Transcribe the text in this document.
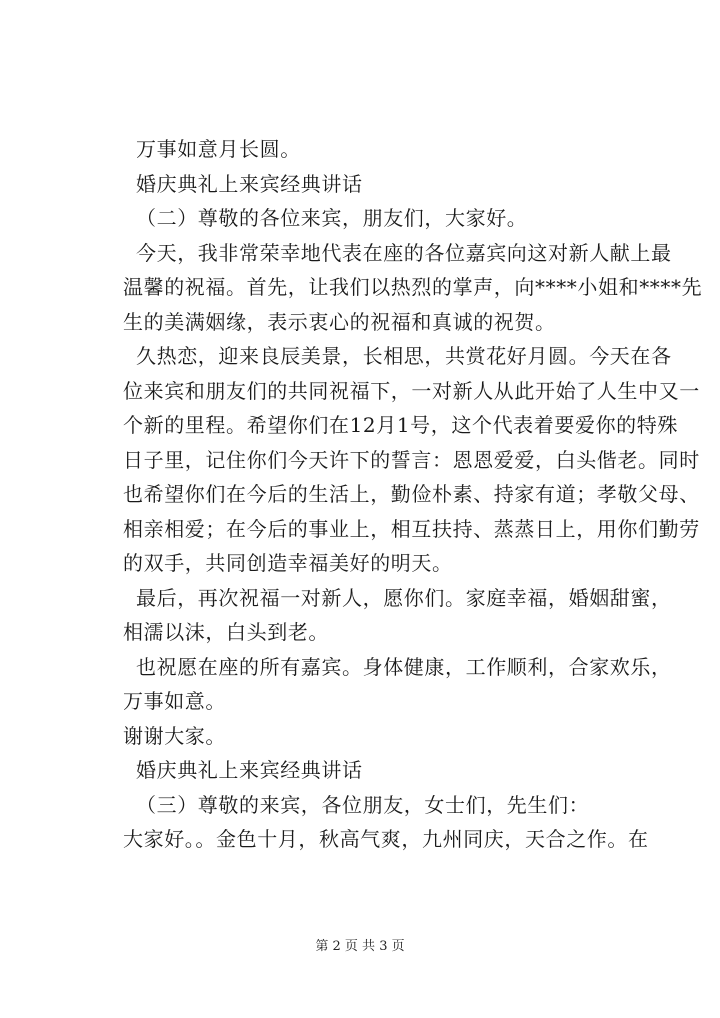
万事如意月长圆。
婚庆典礼上来宾经典讲话
（二）尊敬的各位来宾，朋友们，大家好。
今天，我非常荣幸地代表在座的各位嘉宾向这对新人献上最
温馨的祝福。首先，让我们以热烈的掌声，向****小姐和****先
生的美满姻缘，表示衷心的祝福和真诚的祝贺。
久热恋，迎来良辰美景，长相思，共赏花好月圆。今天在各
位来宾和朋友们的共同祝福下，一对新人从此开始了人生中又一
个新的里程。希望你们在12月1号，这个代表着要爱你的特殊
日子里，记住你们今天许下的誓言：恩恩爱爱，白头偕老。同时
也希望你们在今后的生活上，勤俭朴素、持家有道；孝敬父母、
相亲相爱；在今后的事业上，相互扶持、蒸蒸日上，用你们勤劳
的双手，共同创造幸福美好的明天。
最后，再次祝福一对新人，愿你们。家庭幸福，婚姻甜蜜，
相濡以沫，白头到老。
也祝愿在座的所有嘉宾。身体健康，工作顺利，合家欢乐，
万事如意。
谢谢大家。
婚庆典礼上来宾经典讲话
（三）尊敬的来宾，各位朋友，女士们，先生们：
大家好。。金色十月，秋高气爽，九州同庆，天合之作。在
第 2 页 共 3 页
